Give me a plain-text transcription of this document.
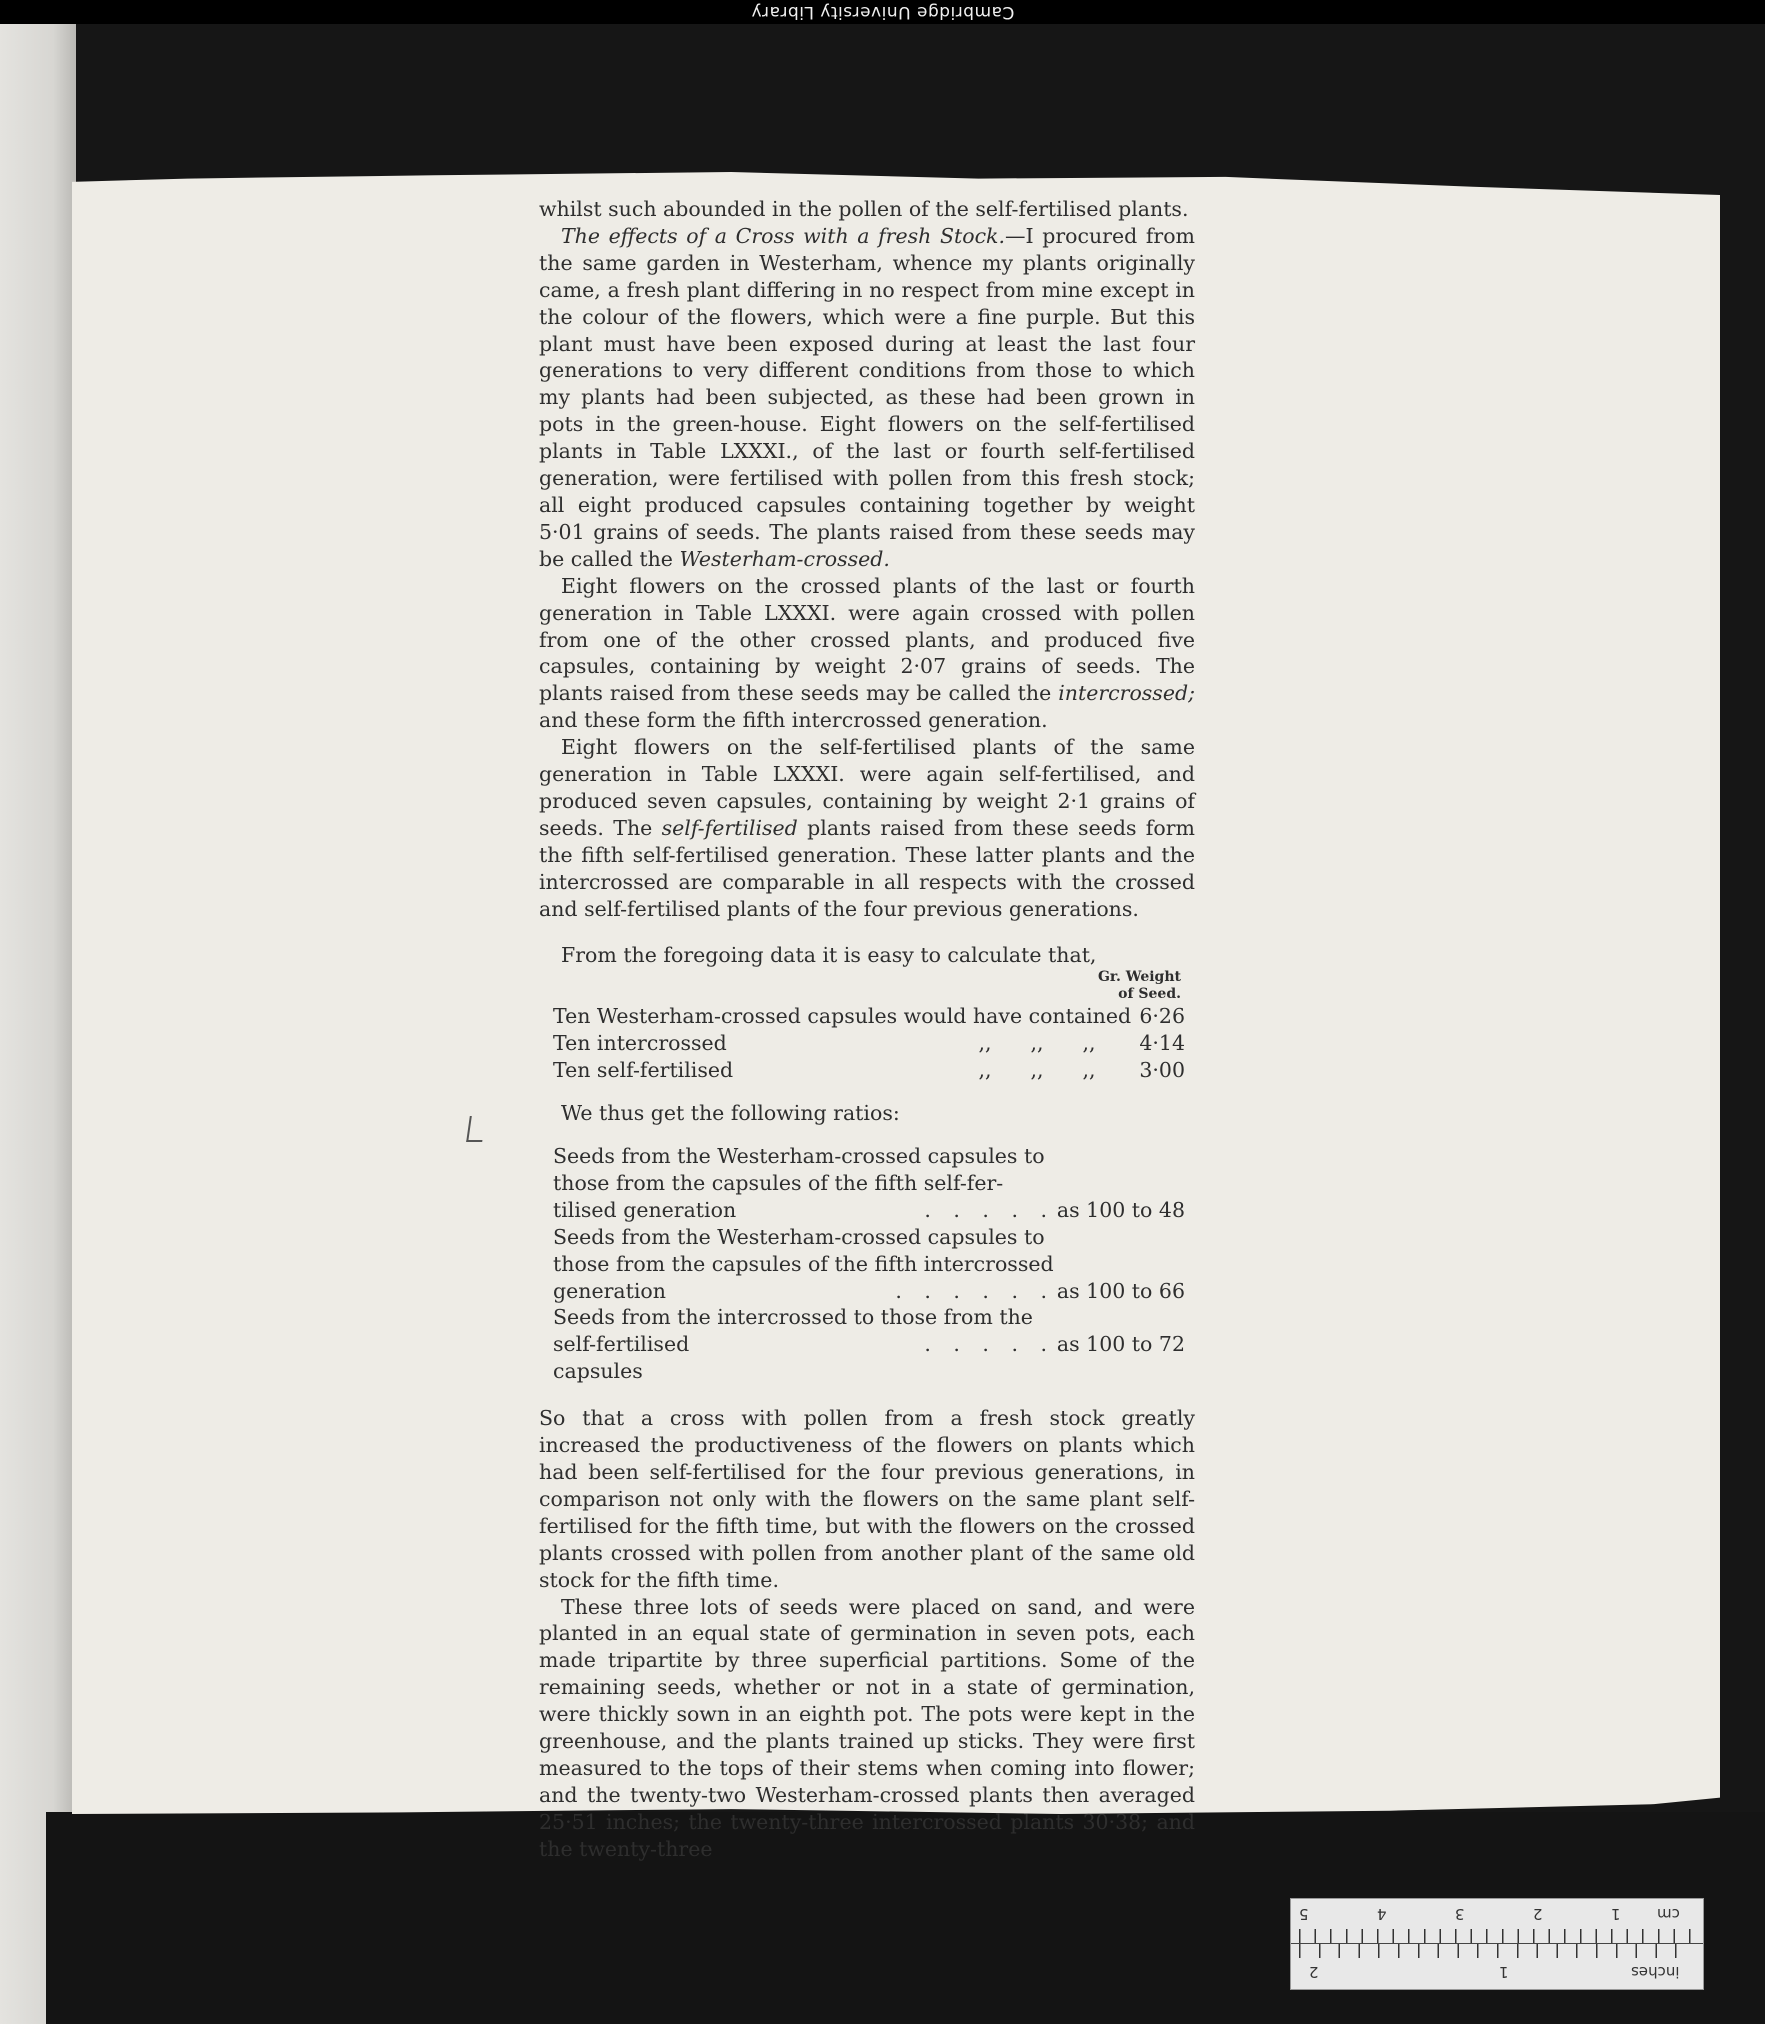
Cambridge University Library

whilst such abounded in the pollen of the self-fertilised plants.

The effects of a Cross with a fresh Stock.—I procured from the same garden in Westerham, whence my plants originally came, a fresh plant differing in no respect from mine except in the colour of the flowers, which were a fine purple. But this plant must have been exposed during at least the last four generations to very different conditions from those to which my plants had been subjected, as these had been grown in pots in the green-house. Eight flowers on the self-fertilised plants in Table LXXXI., of the last or fourth self-fertilised generation, were fertilised with pollen from this fresh stock; all eight produced capsules containing together by weight 5·01 grains of seeds. The plants raised from these seeds may be called the Westerham-crossed.

Eight flowers on the crossed plants of the last or fourth generation in Table LXXXI. were again crossed with pollen from one of the other crossed plants, and produced five capsules, containing by weight 2·07 grains of seeds. The plants raised from these seeds may be called the intercrossed; and these form the fifth intercrossed generation.

Eight flowers on the self-fertilised plants of the same generation in Table LXXXI. were again self-fertilised, and produced seven capsules, containing by weight 2·1 grains of seeds. The self-fertilised plants raised from these seeds form the fifth self-fertilised generation. These latter plants and the intercrossed are comparable in all respects with the crossed and self-fertilised plants of the four previous generations.

From the foregoing data it is easy to calculate that,

Gr. Weight
of Seed.
Ten Westerham-crossed capsules would have contained 6·26
Ten intercrossed	,,	,,	,,	4·14
Ten self-fertilised	,,	,,	,,	3·00

We thus get the following ratios:

Seeds from the Westerham-crossed capsules to
those from the capsules of the fifth self-fer-
tilised generation	. . . . . as 100 to 48
Seeds from the Westerham-crossed capsules to
those from the capsules of the fifth intercrossed
generation	. . . . . . as 100 to 66
Seeds from the intercrossed to those from the
self-fertilised capsules
. . . . . as 100 to 72

So that a cross with pollen from a fresh stock greatly increased the productiveness of the flowers on plants which had been self-fertilised for the four previous generations, in comparison not only with the flowers on the same plant self-fertilised for the fifth time, but with the flowers on the crossed plants crossed with pollen from another plant of the same old stock for the fifth time.

These three lots of seeds were placed on sand, and were planted in an equal state of germination in seven pots, each made tripartite by three superficial partitions. Some of the remaining seeds, whether or not in a state of germination, were thickly sown in an eighth pot. The pots were kept in the greenhouse, and the plants trained up sticks. They were first measured to the tops of their stems when coming into flower; and the twenty-two Westerham-crossed plants then averaged 25·51 inches; the twenty-three intercrossed plants 30·38; and the twenty-three

cm
1
2
3
4
5
inches
1
2
